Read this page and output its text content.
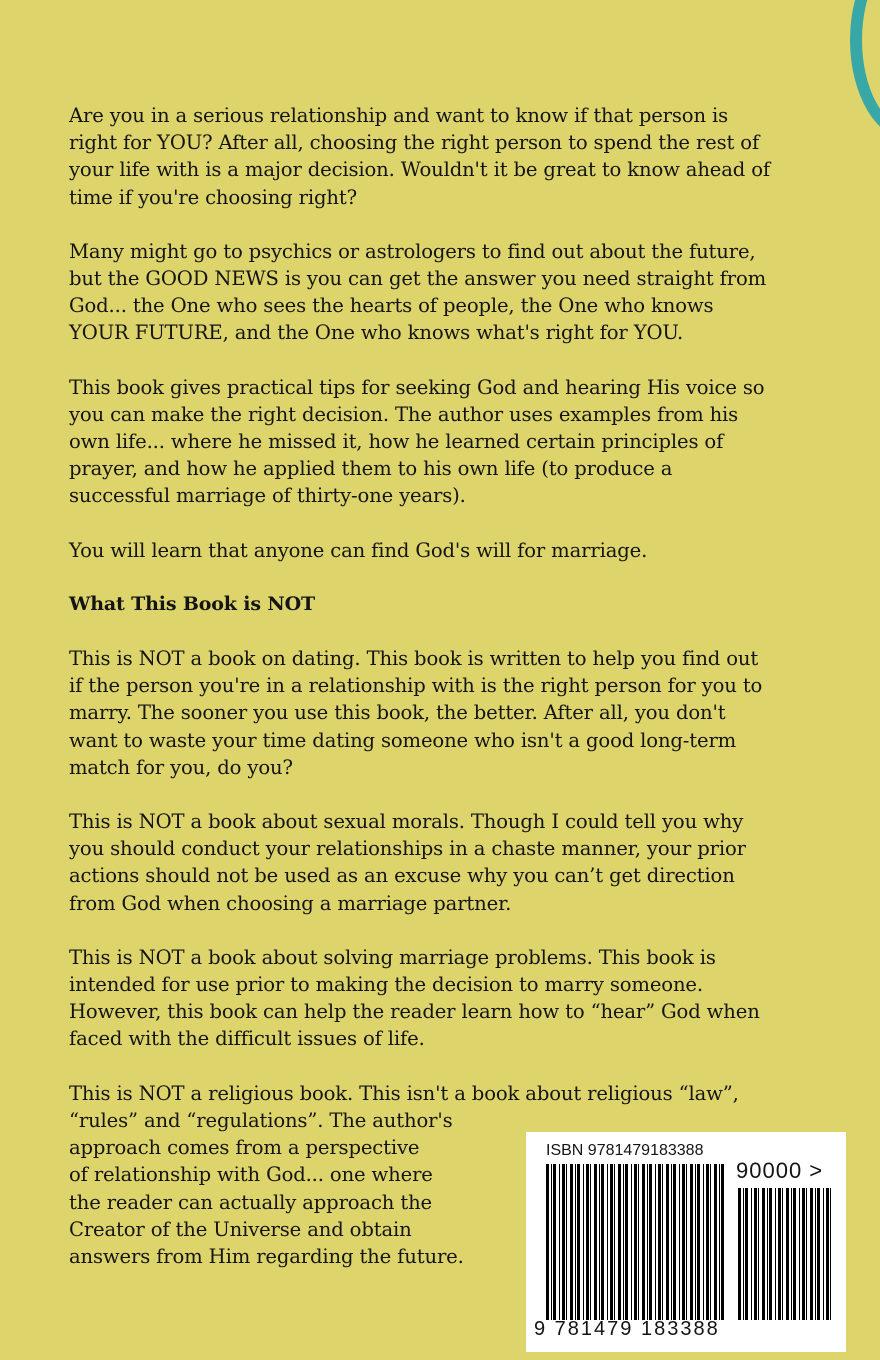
Are you in a serious relationship and want to know if that person is
right for YOU? After all, choosing the right person to spend the rest of
your life with is a major decision. Wouldn't it be great to know ahead of
time if you're choosing right?

Many might go to psychics or astrologers to find out about the future,
but the GOOD NEWS is you can get the answer you need straight from
God... the One who sees the hearts of people, the One who knows
YOUR FUTURE, and the One who knows what's right for YOU.

This book gives practical tips for seeking God and hearing His voice so
you can make the right decision. The author uses examples from his
own life... where he missed it, how he learned certain principles of
prayer, and how he applied them to his own life (to produce a
successful marriage of thirty-one years).

You will learn that anyone can find God's will for marriage.

What This Book is NOT

This is NOT a book on dating. This book is written to help you find out
if the person you're in a relationship with is the right person for you to
marry. The sooner you use this book, the better. After all, you don't
want to waste your time dating someone who isn't a good long-term
match for you, do you?

This is NOT a book about sexual morals. Though I could tell you why
you should conduct your relationships in a chaste manner, your prior
actions should not be used as an excuse why you can’t get direction
from God when choosing a marriage partner.

This is NOT a book about solving marriage problems. This book is
intended for use prior to making the decision to marry someone.
However, this book can help the reader learn how to “hear” God when
faced with the difficult issues of life.

This is NOT a religious book. This isn't a book about religious “law”,
“rules” and “regulations”. The author's
approach comes from a perspective
of relationship with God... one where
the reader can actually approach the
Creator of the Universe and obtain
answers from Him regarding the future.

ISBN 9781479183388
90000 >
9 781479 183388
